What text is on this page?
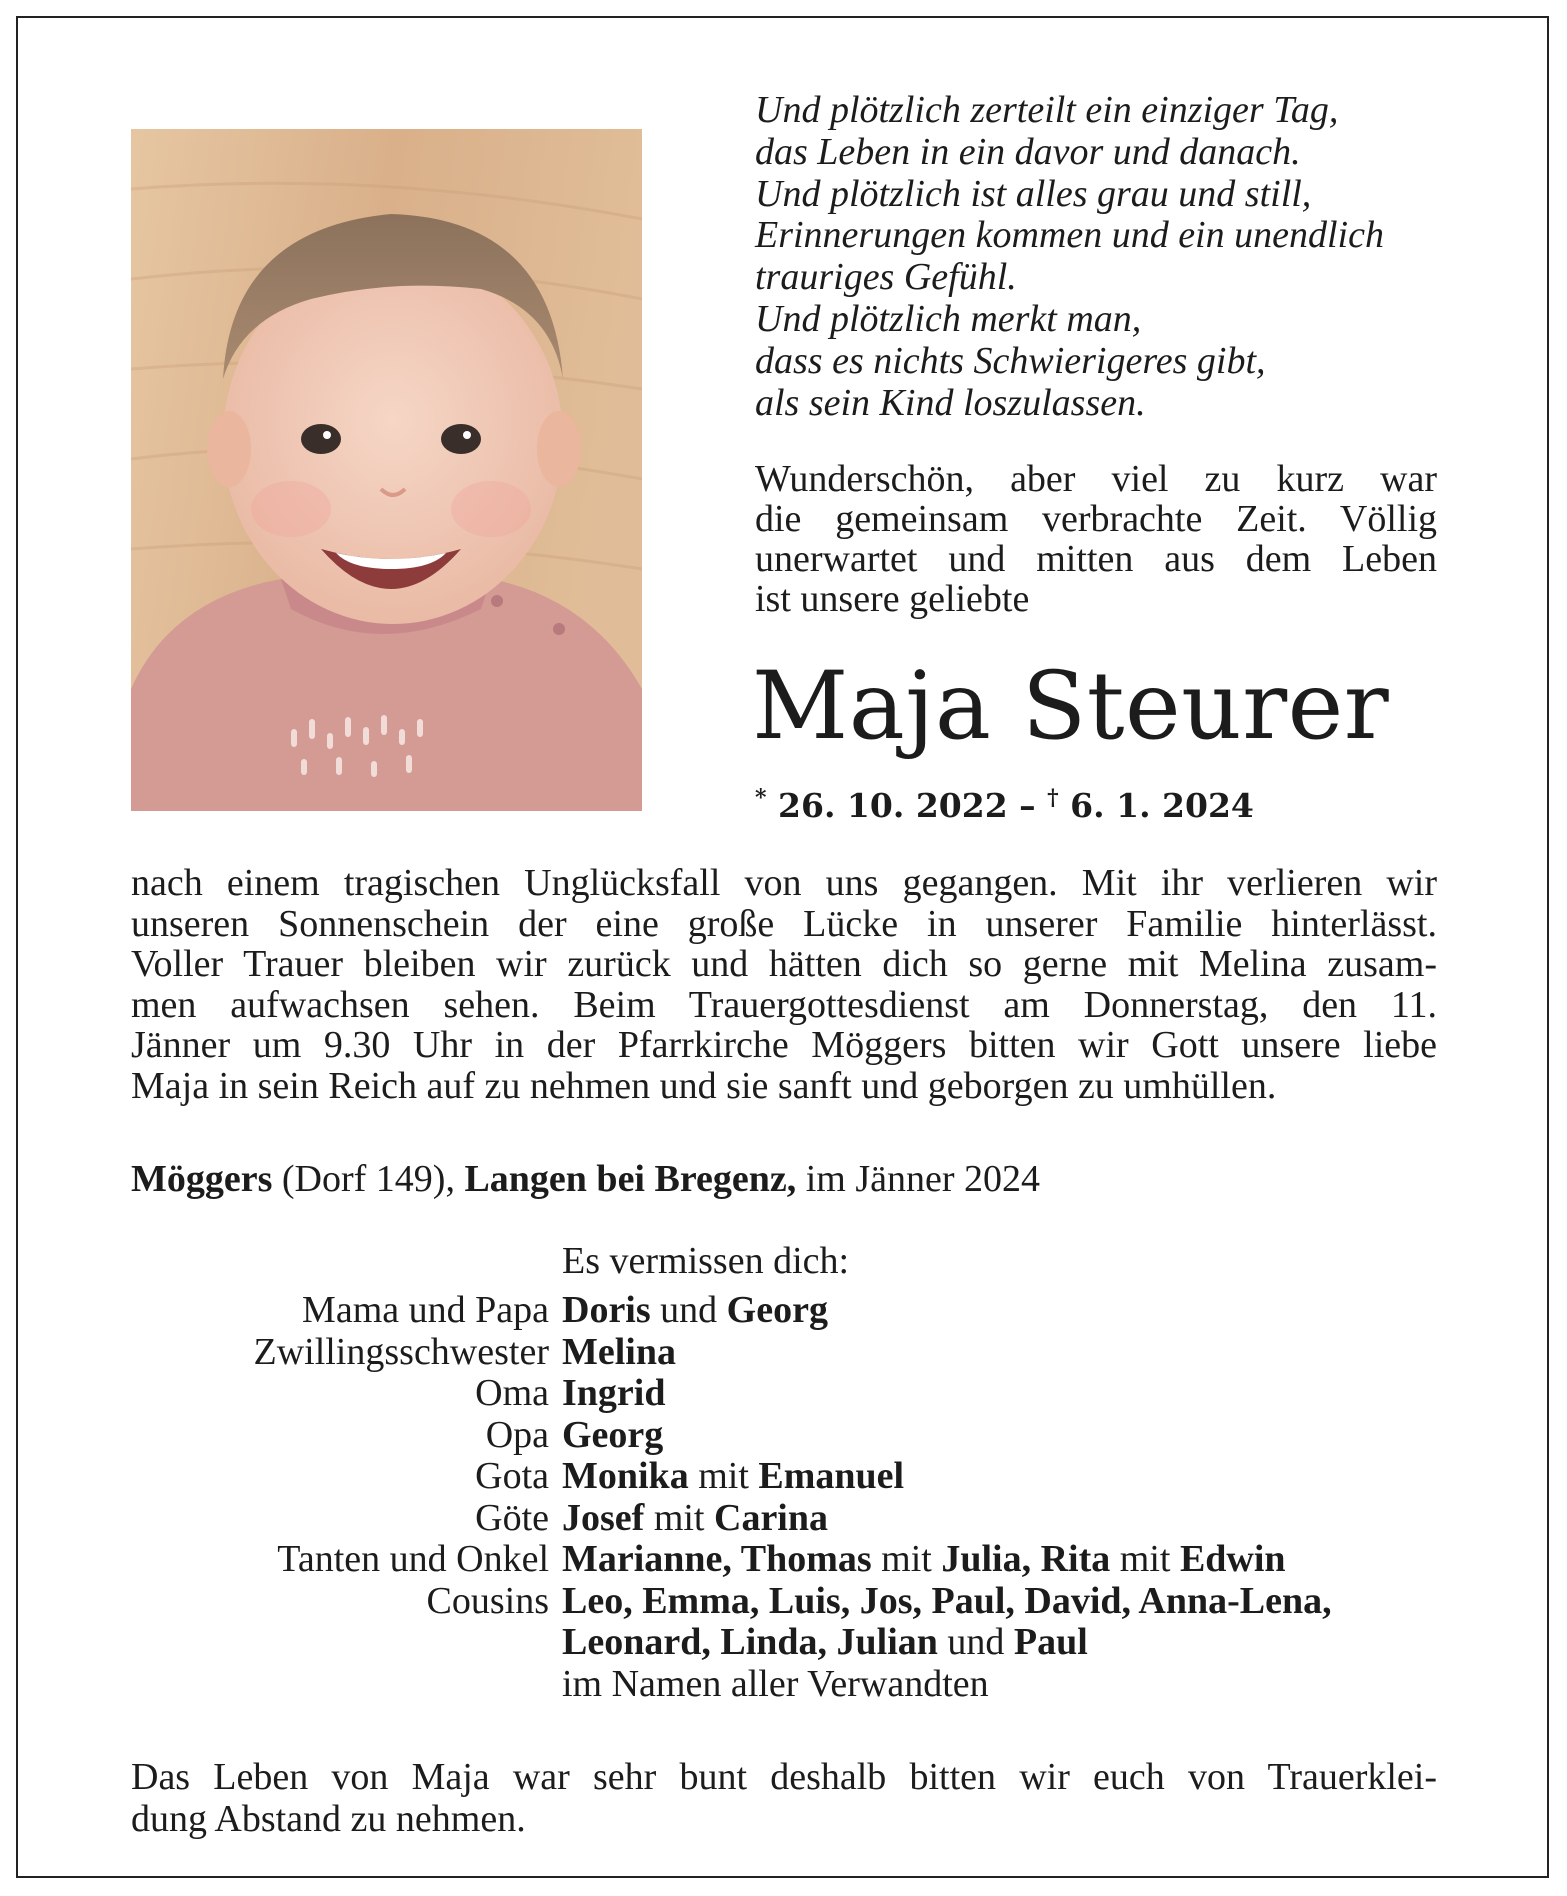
Und plötzlich zerteilt ein einziger Tag,
das Leben in ein davor und danach.
Und plötzlich ist alles grau und still,
Erinnerungen kommen und ein unendlich
trauriges Gefühl.
Und plötzlich merkt man,
dass es nichts Schwierigeres gibt,
als sein Kind loszulassen.
Wunderschön, aber viel zu kurz war
die gemeinsam verbrachte Zeit. Völlig
unerwartet und mitten aus dem Leben
ist unsere geliebte
Maja Steurer
* 26. 10. 2022 – † 6. 1. 2024
nach einem tragischen Unglücksfall von uns gegangen. Mit ihr verlieren wir
unseren Sonnenschein der eine große Lücke in unserer Familie hinterlässt.
Voller Trauer bleiben wir zurück und hätten dich so gerne mit Melina zusam-
men aufwachsen sehen. Beim Trauergottesdienst am Donnerstag, den 11.
Jänner um 9.30 Uhr in der Pfarrkirche Möggers bitten wir Gott unsere liebe
Maja in sein Reich auf zu nehmen und sie sanft und geborgen zu umhüllen.
Möggers (Dorf 149), Langen bei Bregenz, im Jänner 2024
Es vermissen dich:
Mama und Papa Doris und Georg
Zwillingsschwester Melina
Oma Ingrid
Opa Georg
Gota Monika mit Emanuel
Göte Josef mit Carina
Tanten und Onkel Marianne, Thomas mit Julia, Rita mit Edwin
Cousins Leo, Emma, Luis, Jos, Paul, David, Anna-Lena,
Leonard, Linda, Julian und Paul
im Namen aller Verwandten
Das Leben von Maja war sehr bunt deshalb bitten wir euch von Trauerklei-
dung Abstand zu nehmen.
